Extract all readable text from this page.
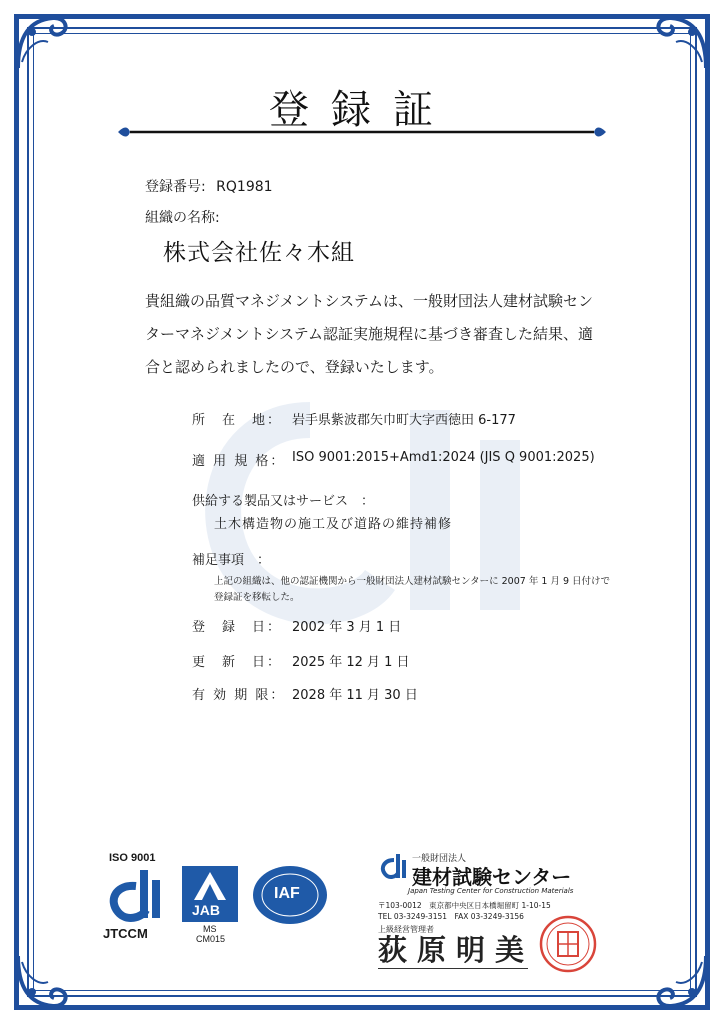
登録証
登録番号: RQ1981
組織の名称:
株式会社佐々木組
貴組織の品質マネジメントシステムは、一般財団法人建材試験セン
ターマネジメントシステム認証実施規程に基づき審査した結果、適
合と認められましたので、登録いたします。
所　在　地： 岩手県紫波郡矢巾町大字西徳田 6-177
適 用 規 格： ISO 9001:2015+Amd1:2024 (JIS Q 9001:2025)
供給する製品又はサービス　：
土木構造物の施工及び道路の維持補修
補足事項　：
上記の組織は、他の認証機関から一般財団法人建材試験センターに 2007 年 1 月 9 日付けで
登録証を移転した。
登　録　日： 2002 年 3 月 1 日
更　新　日： 2025 年 12 月 1 日
有 効 期 限： 2028 年 11 月 30 日
ISO 9001
JTCCM
JAB
MS
CM015
IAF
一般財団法人
建材試験センター
Japan Testing Center for Construction Materials
〒103-0012　東京都中央区日本橋堀留町 1-10-15
TEL 03-3249-3151　FAX 03-3249-3156
上級経営管理者
荻原明美
